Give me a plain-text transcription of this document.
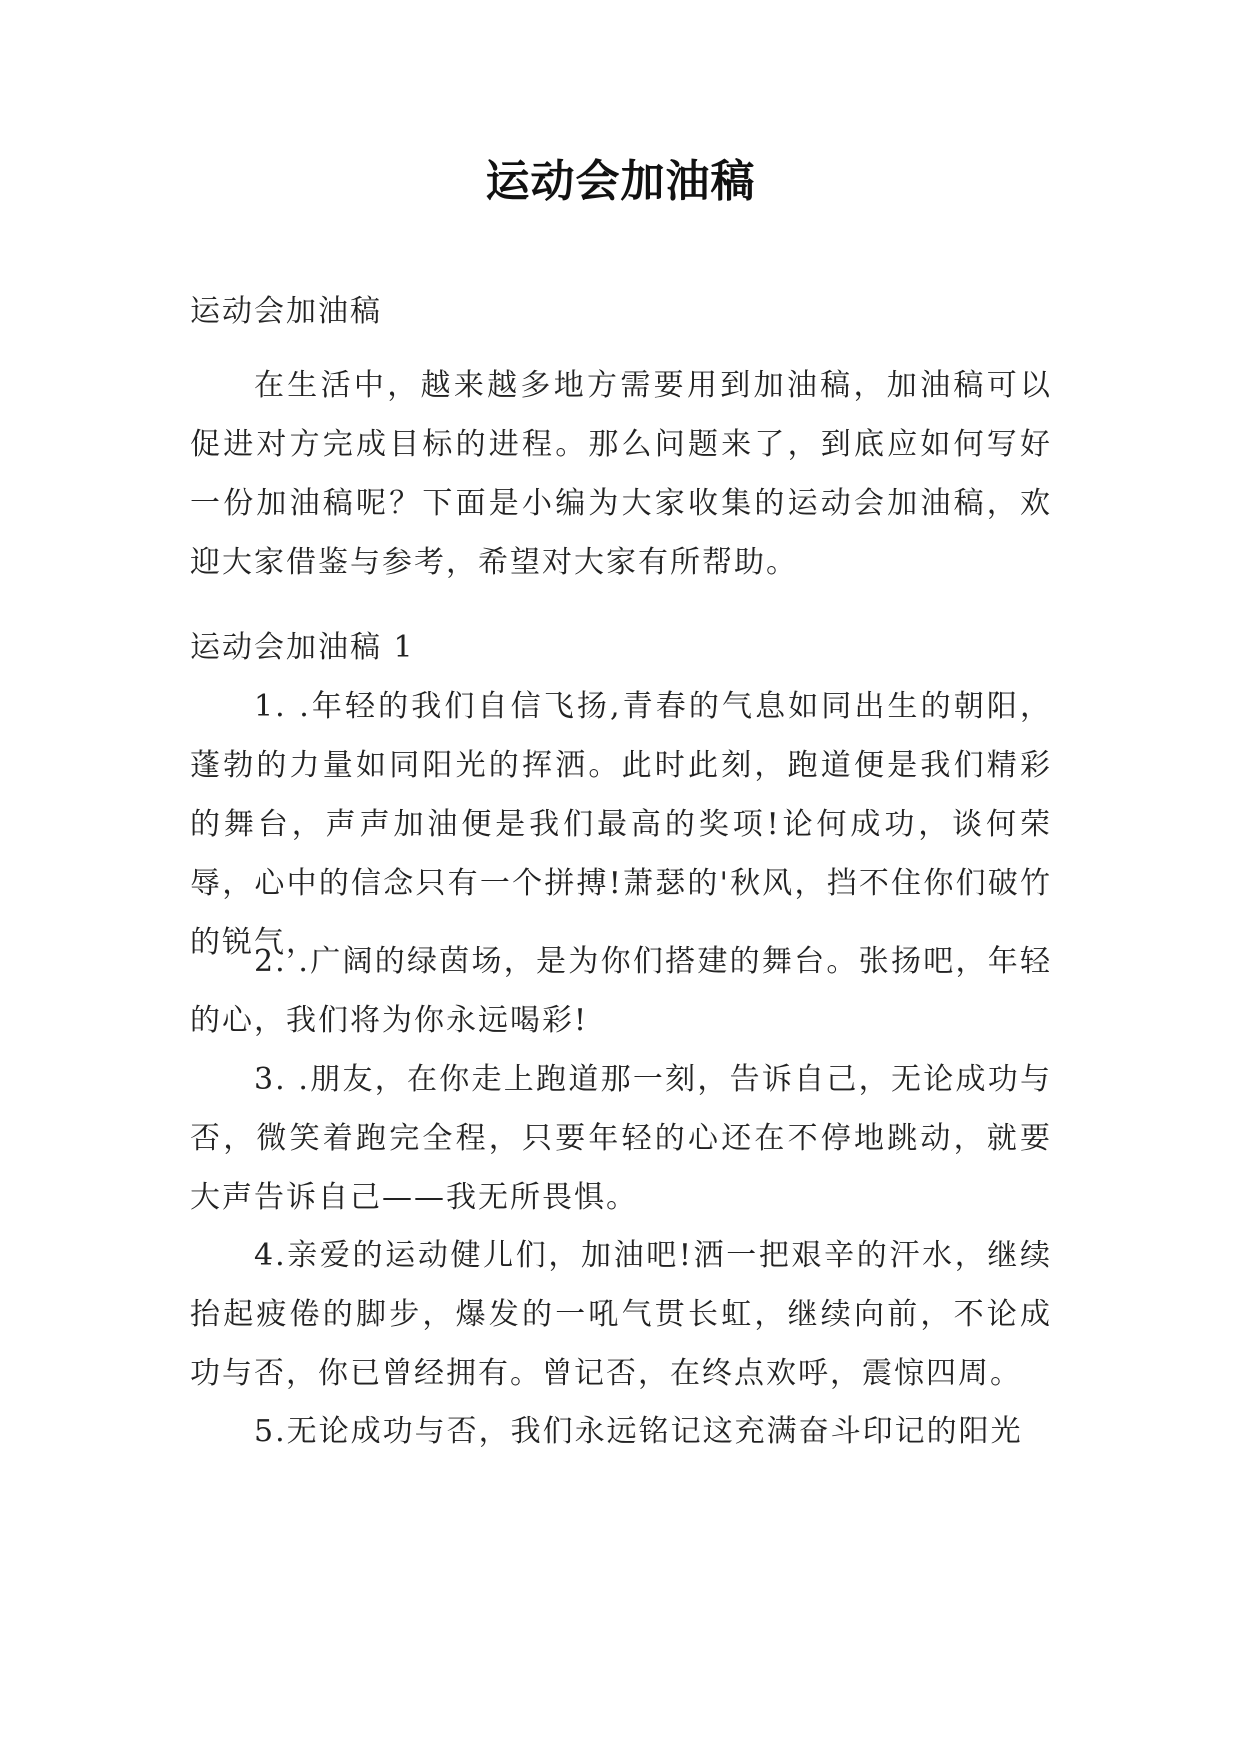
运动会加油稿

运动会加油稿

在生活中，越来越多地方需要用到加油稿，加油稿可以促进对方完成目标的进程。那么问题来了，到底应如何写好一份加油稿呢？下面是小编为大家收集的运动会加油稿，欢迎大家借鉴与参考，希望对大家有所帮助。

运动会加油稿 1

1. .年轻的我们自信飞扬,青春的气息如同出生的朝阳，蓬勃的力量如同阳光的挥洒。此时此刻，跑道便是我们精彩的舞台，声声加油便是我们最高的奖项!论何成功，谈何荣辱，心中的信念只有一个拼搏!萧瑟的'秋风，挡不住你们破竹的锐气，

2. .广阔的绿茵场，是为你们搭建的舞台。张扬吧，年轻的心，我们将为你永远喝彩!

3. .朋友，在你走上跑道那一刻，告诉自己，无论成功与否，微笑着跑完全程，只要年轻的心还在不停地跳动，就要大声告诉自己——我无所畏惧。

4.亲爱的运动健儿们，加油吧!洒一把艰辛的汗水，继续抬起疲倦的脚步，爆发的一吼气贯长虹，继续向前，不论成功与否，你已曾经拥有。曾记否，在终点欢呼，震惊四周。

5.无论成功与否，我们永远铭记这充满奋斗印记的阳光
